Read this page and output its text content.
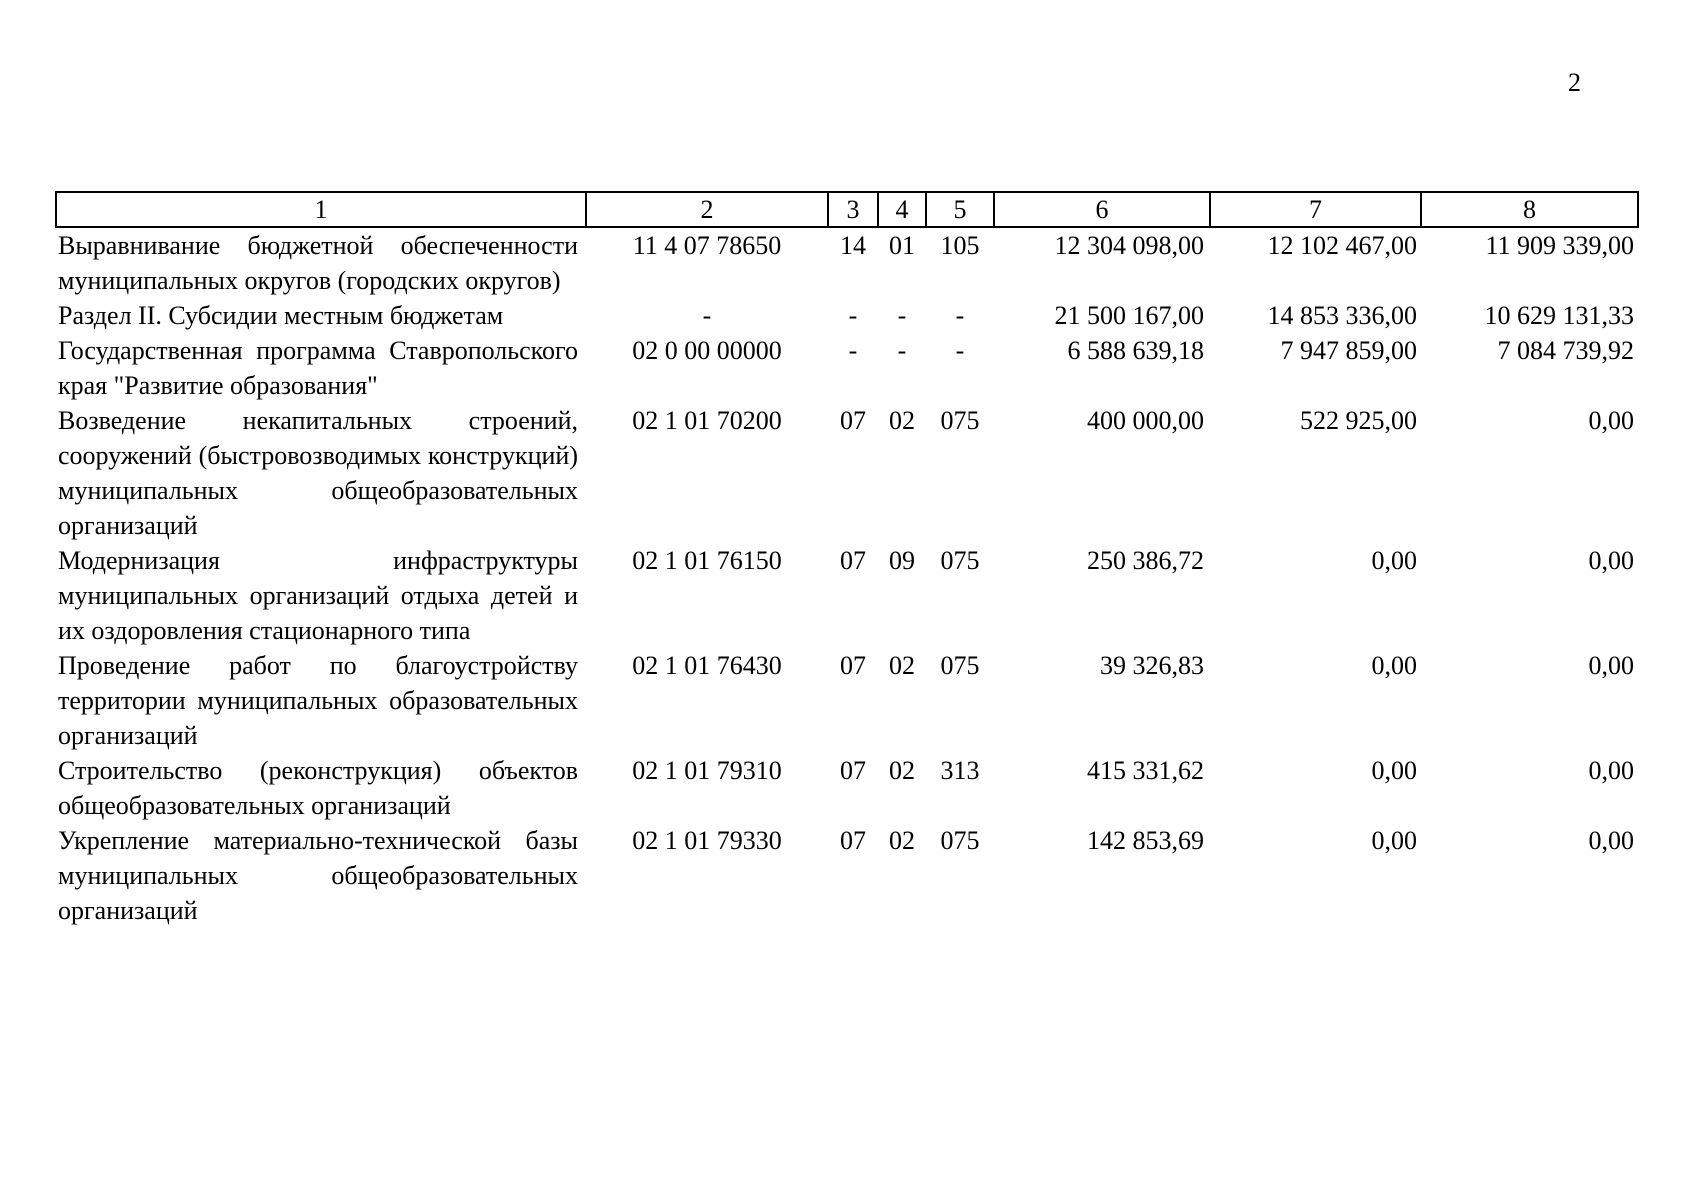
2
1	2	3	4	5	6	7	8
Выравнивание бюджетной обеспеченности муниципальных округов (городских округов)	11 4 07 78650	14	01	105	12 304 098,00	12 102 467,00	11 909 339,00
Раздел II. Субсидии местным бюджетам	-	-	-	-	21 500 167,00	14 853 336,00	10 629 131,33
Государственная программа Ставропольского края "Развитие образования"	02 0 00 00000	-	-	-	6 588 639,18	7 947 859,00	7 084 739,92
Возведение некапитальных строений, сооружений (быстровозводимых конструкций) муниципальных общеобразовательных организаций	02 1 01 70200	07	02	075	400 000,00	522 925,00	0,00
Модернизация инфраструктуры муниципальных организаций отдыха детей и их оздоровления стационарного типа	02 1 01 76150	07	09	075	250 386,72	0,00	0,00
Проведение работ по благоустройству территории муниципальных образовательных организаций	02 1 01 76430	07	02	075	39 326,83	0,00	0,00
Строительство (реконструкция) объектов общеобразовательных организаций	02 1 01 79310	07	02	313	415 331,62	0,00	0,00
Укрепление материально-технической базы муниципальных общеобразовательных организаций	02 1 01 79330	07	02	075	142 853,69	0,00	0,00
